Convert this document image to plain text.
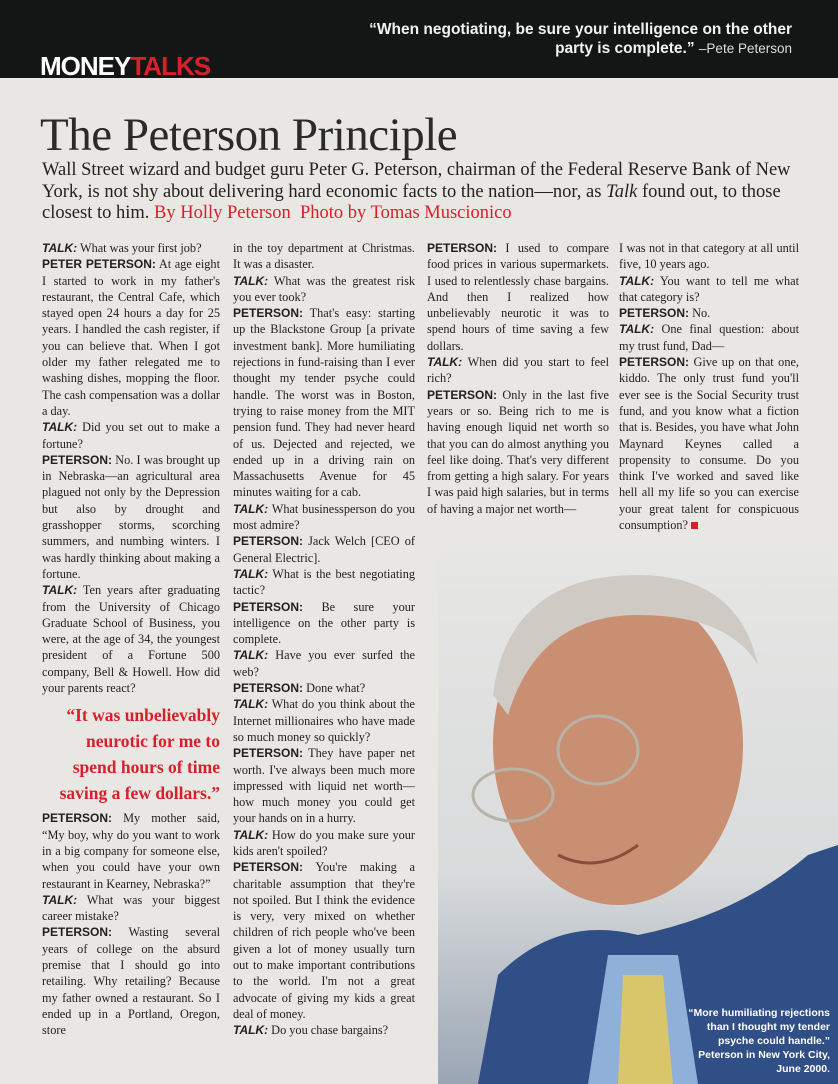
“When negotiating, be sure your intelligence on the other party is complete.” –Pete Peterson
MONEYTALKS
The Peterson Principle
Wall Street wizard and budget guru Peter G. Peterson, chairman of the Federal Reserve Bank of New York, is not shy about delivering hard economic facts to the nation—nor, as Talk found out, to those closest to him. By Holly Peterson Photo by Tomas Muscionico

TALK: What was your first job?

PETER PETERSON: At age eight I started to work in my father's restaurant, the Central Cafe, which stayed open 24 hours a day for 25 years. I handled the cash register, if you can believe that. When I got older my father relegated me to washing dishes, mopping the floor. The cash compensation was a dollar a day.

TALK: Did you set out to make a fortune?

PETERSON: No. I was brought up in Nebraska—an agricultural area plagued not only by the Depression but also by drought and grasshopper storms, scorching summers, and numbing winters. I was hardly thinking about making a fortune.

TALK: Ten years after graduating from the University of Chicago Graduate School of Business, you were, at the age of 34, the youngest president of a Fortune 500 company, Bell & Howell. How did your parents react?

“It was unbelievably neurotic for me to spend hours of time saving a few dollars.”

PETERSON: My mother said, “My boy, why do you want to work in a big company for someone else, when you could have your own restaurant in Kearney, Nebraska?”

TALK: What was your biggest career mistake?

PETERSON: Wasting several years of college on the absurd premise that I should go into retailing. Why retailing? Because my father owned a restaurant. So I ended up in a Portland, Oregon, store

in the toy department at Christmas. It was a disaster.

TALK: What was the greatest risk you ever took?

PETERSON: That's easy: starting up the Blackstone Group [a private investment bank]. More humiliating rejections in fund-raising than I ever thought my tender psyche could handle. The worst was in Boston, trying to raise money from the MIT pension fund. They had never heard of us. Dejected and rejected, we ended up in a driving rain on Massachusetts Avenue for 45 minutes waiting for a cab.

TALK: What businessperson do you most admire?

PETERSON: Jack Welch [CEO of General Electric].

TALK: What is the best negotiating tactic?

PETERSON: Be sure your intelligence on the other party is complete.

TALK: Have you ever surfed the web?

PETERSON: Done what?

TALK: What do you think about the Internet millionaires who have made so much money so quickly?

PETERSON: They have paper net worth. I've always been much more impressed with liquid net worth—how much money you could get your hands on in a hurry.

TALK: How do you make sure your kids aren't spoiled?

PETERSON: You're making a charitable assumption that they're not spoiled. But I think the evidence is very, very mixed on whether children of rich people who've been given a lot of money usually turn out to make important contributions to the world. I'm not a great advocate of giving my kids a great deal of money.

TALK: Do you chase bargains?

PETERSON: I used to compare food prices in various supermarkets. I used to relentlessly chase bargains. And then I realized how unbelievably neurotic it was to spend hours of time saving a few dollars.

TALK: When did you start to feel rich?

PETERSON: Only in the last five years or so. Being rich to me is having enough liquid net worth so that you can do almost anything you feel like doing. That's very different from getting a high salary. For years I was paid high salaries, but in terms of having a major net worth—

I was not in that category at all until five, 10 years ago.

TALK: You want to tell me what that category is?

PETERSON: No.

TALK: One final question: about my trust fund, Dad—

PETERSON: Give up on that one, kiddo. The only trust fund you'll ever see is the Social Security trust fund, and you know what a fiction that is. Besides, you have what John Maynard Keynes called a propensity to consume. Do you think I've worked and saved like hell all my life so you can exercise your great talent for conspicuous consumption?

“More humiliating rejections than I thought my tender psyche could handle.” Peterson in New York City, June 2000.
